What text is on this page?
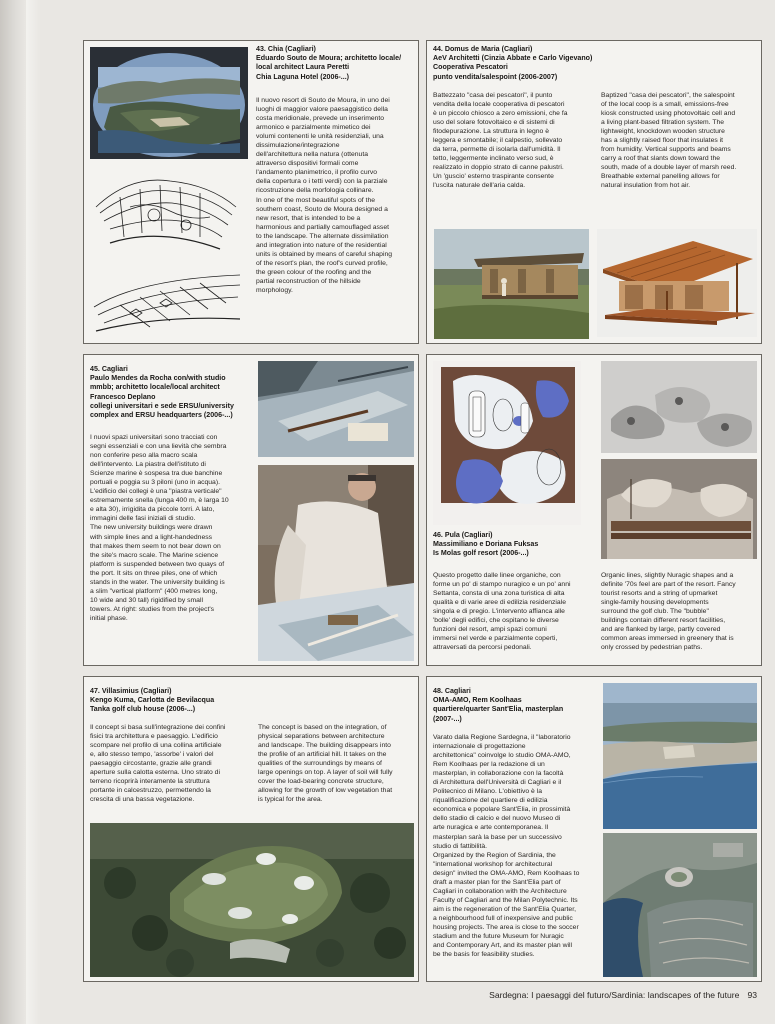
43. Chia (Cagliari)
Eduardo Souto de Moura; architetto locale/
local architect Laura Peretti
Chia Laguna Hotel (2006-...)
Il nuovo resort di Souto de Moura, in uno dei
luoghi di maggior valore paesaggistico della
costa meridionale, prevede un inserimento
armonico e parzialmente mimetico dei
volumi contenenti le unità residenziali, una
dissimulazione/integrazione
dell'architettura nella natura (ottenuta
attraverso dispositivi formali come
l'andamento planimetrico, il profilo curvo
della copertura o i tetti verdi) con la parziale
ricostruzione della morfologia collinare.
In one of the most beautiful spots of the
southern coast, Souto de Moura designed a
new resort, that is intended to be a
harmonious and partially camouflaged asset
to the landscape. The alternate dissimilation
and integration into nature of the residential
units is obtained by means of careful shaping
of the resort's plan, the roof's curved profile,
the green colour of the roofing and the
partial reconstruction of the hillside
morphology.
44. Domus de Maria (Cagliari)
AeV Architetti (Cinzia Abbate e Carlo Vigevano)
Cooperativa Pescatori
punto vendita/salespoint (2006-2007)
Battezzato "casa dei pescatori", il punto
vendita della locale cooperativa di pescatori
è un piccolo chiosco a zero emissioni, che fa
uso del solare fotovoltaico e di sistemi di
fitodepurazione. La struttura in legno è
leggera e smontabile; il calpestio, sollevato
da terra, permette di isolarla dall'umidità. Il
tetto, leggermente inclinato verso sud, è
realizzato in doppio strato di canne palustri.
Un 'guscio' esterno traspirante consente
l'uscita naturale dell'aria calda.
Baptized "casa dei pescatori", the salespoint
of the local coop is a small, emissions-free
kiosk constructed using photovoltaic cell and
a living plant-based filtration system. The
lightweight, knockdown wooden structure
has a slightly raised floor that insulates it
from humidity. Vertical supports and beams
carry a roof that slants down toward the
south, made of a double layer of marsh reed.
Breathable external panelling allows for
natural insulation from hot air.
45. Cagliari
Paulo Mendes da Rocha con/with studio
mmbb; architetto locale/local architect
Francesco Deplano
collegi universitari e sede ERSU/university
complex and ERSU headquarters (2006-...)
I nuovi spazi universitari sono tracciati con
segni essenziali e con una lievità che sembra
non conferire peso alla macro scala
dell'intervento. La piastra dell'istituto di
Scienze marine è sospesa tra due banchine
portuali e poggia su 3 piloni (uno in acqua).
L'edificio dei collegi è una "piastra verticale"
estremamente snella (lunga 400 m, è larga 10
e alta 30), irrigidita da piccole torri. A lato,
immagini delle fasi iniziali di studio.
The new university buildings were drawn
with simple lines and a light-handedness
that makes them seem to not bear down on
the site's macro scale. The Marine science
platform is suspended between two quays of
the port. It sits on three piles, one of which
stands in the water. The university building is
a slim "vertical platform" (400 metres long,
10 wide and 30 tall) rigidified by small
towers. At right: studies from the project's
initial phase.
46. Pula (Cagliari)
Massimiliano e Doriana Fuksas
Is Molas golf resort (2006-...)
Questo progetto dalle linee organiche, con
forme un po' di stampo nuragico e un po' anni
Settanta, consta di una zona turistica di alta
qualità e di varie aree di edilizia residenziale
singola e di pregio. L'intervento affianca alle
'bolle' degli edifici, che ospitano le diverse
funzioni del resort, ampi spazi comuni
immersi nel verde e parzialmente coperti,
attraversati da percorsi pedonali.
Organic lines, slightly Nuragic shapes and a
definite '70s feel are part of the resort. Fancy
tourist resorts and a string of upmarket
single-family housing developments
surround the golf club. The "bubble"
buildings contain different resort facilities,
and are flanked by large, partly covered
common areas immersed in greenery that is
only crossed by pedestrian paths.
47. Villasimius (Cagliari)
Kengo Kuma, Carlotta de Bevilacqua
Tanka golf club house (2006-...)
Il concept si basa sull'integrazione dei confini
fisici tra architettura e paesaggio. L'edificio
scompare nel profilo di una collina artificiale
e, allo stesso tempo, 'assorbe' i valori del
paesaggio circostante, grazie alle grandi
aperture sulla calotta esterna. Uno strato di
terreno ricoprirà interamente la struttura
portante in calcestruzzo, permettendo la
crescita di una bassa vegetazione.
The concept is based on the integration, of
physical separations between architecture
and landscape. The building disappears into
the profile of an artificial hill. It takes on the
qualities of the surroundings by means of
large openings on top. A layer of soil will fully
cover the load-bearing concrete structure,
allowing for the growth of low vegetation that
is typical for the area.
48. Cagliari
OMA-AMO, Rem Koolhaas
quartiere/quarter Sant'Elia, masterplan
(2007-...)
Varato dalla Regione Sardegna, il "laboratorio
internazionale di progettazione
architettonica" coinvolge lo studio OMA-AMO,
Rem Koolhaas per la redazione di un
masterplan, in collaborazione con la facoltà
di Architettura dell'Università di Cagliari e il
Politecnico di Milano. L'obiettivo è la
riqualificazione del quartiere di edilizia
economica e popolare Sant'Elia, in prossimità
dello stadio di calcio e del nuovo Museo di
arte nuragica e arte contemporanea. Il
masterplan sarà la base per un successivo
studio di fattibilità.
Organized by the Region of Sardinia, the
"international workshop for architectural
design" invited the OMA-AMO, Rem Koolhaas to
draft a master plan for the Sant'Elia part of
Cagliari in collaboration with the Architecture
Faculty of Cagliari and the Milan Polytechnic. Its
aim is the regeneration of the Sant'Elia Quarter,
a neighbourhood full of inexpensive and public
housing projects. The area is close to the soccer
stadium and the future Museum for Nuragic
and Contemporary Art, and its master plan will
be the basis for feasibility studies.
Sardegna: I paesaggi del futuro/Sardinia: landscapes of the future 93
